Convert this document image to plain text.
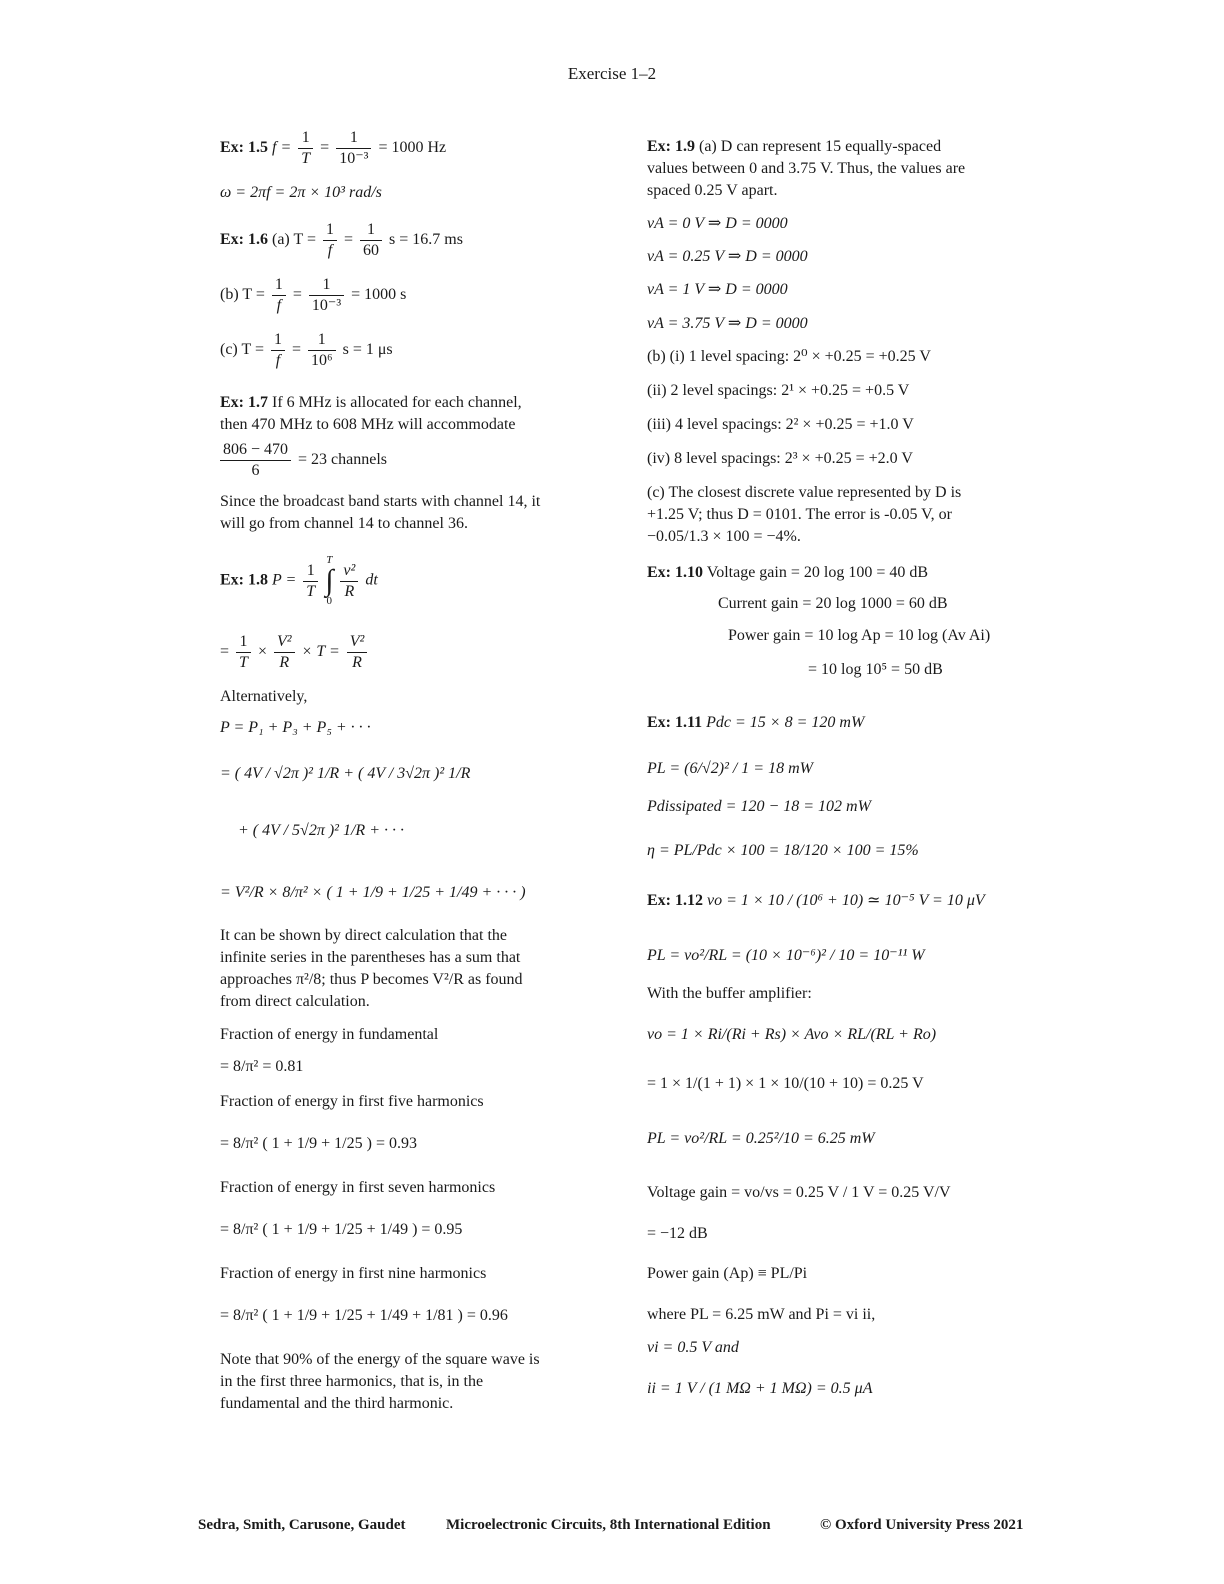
Exercise 1–2
Ex: 1.5 $f = \frac{1}{T} = \frac{1}{\text{10⁻³}} = 1000$ Hz
ω = 2πf = 2π × 10³ rad/s
Ex: 1.6 (a) $T = \frac{1}{f} = \frac{1}{60}$ s = 16.7 ms
(b) $T = \frac{1}{f} = \frac{1}{\text{10⁻³}} = 1000$ s
(c) $T = \frac{1}{f} = \frac{1}{\text{10⁶}}$ s = 1 μs
Ex: 1.7 If 6 MHz is allocated for each channel,
then 470 MHz to 608 MHz will accommodate
$\frac{806 - 470}{6} = 23$ channels
Since the broadcast band starts with channel 14, it
will go from channel 14 to channel 36.
Ex: 1.8 $P = \frac{1}{T}$

T
∫
0
$\frac{\text{v²}}{R}$ dt
= $\frac{1}{T} \times \frac{\text{V²}}{R} \times T = \frac{\text{V²}}{R}$
Alternatively,
P = P₁ + P₃ + P₅ + · · ·
= ( 4V / √2π )² 1/R + ( 4V / 3√2π )² 1/R
+ ( 4V / 5√2π )² 1/R + · · ·
= V²/R × 8/π² × ( 1 + 1/9 + 1/25 + 1/49 + · · · )
It can be shown by direct calculation that the
infinite series in the parentheses has a sum that
approaches π²/8; thus P becomes V²/R as found
from direct calculation.
Fraction of energy in fundamental
= 8/π² = 0.81
Fraction of energy in first five harmonics
= 8/π² ( 1 + 1/9 + 1/25 ) = 0.93
Fraction of energy in first seven harmonics
= 8/π² ( 1 + 1/9 + 1/25 + 1/49 ) = 0.95
Fraction of energy in first nine harmonics
= 8/π² ( 1 + 1/9 + 1/25 + 1/49 + 1/81 ) = 0.96
Note that 90% of the energy of the square wave is
in the first three harmonics, that is, in the
fundamental and the third harmonic.
Ex: 1.9 (a) D can represent 15 equally-spaced
values between 0 and 3.75 V. Thus, the values are
spaced 0.25 V apart.
vA = 0 V ⇒ D = 0000
vA = 0.25 V ⇒ D = 0000
vA = 1 V ⇒ D = 0000
vA = 3.75 V ⇒ D = 0000
(b) (i) 1 level spacing: 2⁰ × +0.25 = +0.25 V
(ii) 2 level spacings: 2¹ × +0.25 = +0.5 V
(iii) 4 level spacings: 2² × +0.25 = +1.0 V
(iv) 8 level spacings: 2³ × +0.25 = +2.0 V
(c) The closest discrete value represented by D is
+1.25 V; thus D = 0101. The error is -0.05 V, or
−0.05/1.3 × 100 = −4%.
Ex: 1.10 Voltage gain = 20 log 100 = 40 dB
Current gain = 20 log 1000 = 60 dB
Power gain = 10 log Ap = 10 log (Av Ai)
= 10 log 10⁵ = 50 dB
Ex: 1.11 Pdc = 15 × 8 = 120 mW
PL = (6/√2)² / 1 = 18 mW
Pdissipated = 120 − 18 = 102 mW
η = PL/Pdc × 100 = 18/120 × 100 = 15%
Ex: 1.12 vo = 1 × 10 / (10⁶ + 10) ≃ 10⁻⁵ V = 10 μV
PL = vo²/RL = (10 × 10⁻⁶)² / 10 = 10⁻¹¹ W
With the buffer amplifier:
vo = 1 × Ri/(Ri + Rs) × Avo × RL/(RL + Ro)
= 1 × 1/(1 + 1) × 1 × 10/(10 + 10) = 0.25 V
PL = vo²/RL = 0.25²/10 = 6.25 mW
Voltage gain = vo/vs = 0.25 V / 1 V = 0.25 V/V
= −12 dB
Power gain (Ap) ≡ PL/Pi
where PL = 6.25 mW and Pi = vi ii,
vi = 0.5 V and
ii = 1 V / (1 MΩ + 1 MΩ) = 0.5 μA
Sedra, Smith, Carusone, Gaudet	Microelectronic Circuits, 8th International Edition	© Oxford University Press 2021
